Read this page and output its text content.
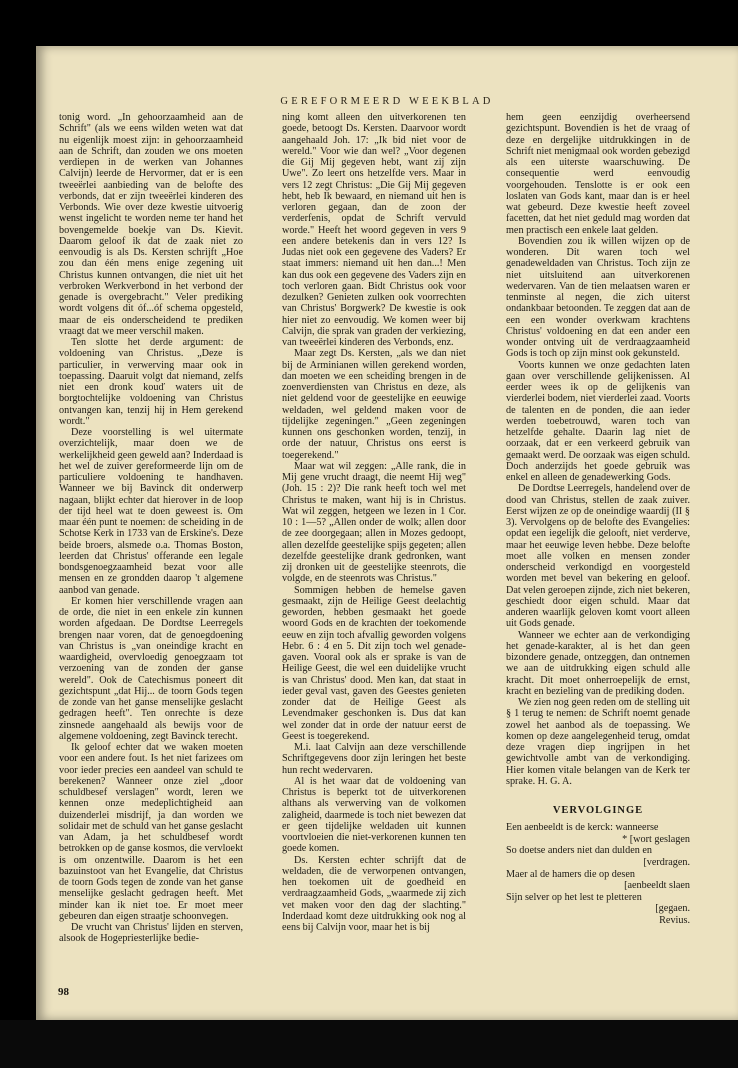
GEREFORMEERD WEEKBLAD

tonig word. „In gehoorzaamheid aan de Schrift" (als we eens wilden weten wat dat nu eigenlijk moest zijn: in gehoorzaamheid aan de Schrift, dan zouden we ons moeten verdiepen in de werken van Johannes Calvijn) leerde de Hervormer, dat er is een tweeërlei aanbieding van de belofte des verbonds, dat er zijn tweeërlei kinderen des Verbonds. Wie over deze kwestie uitvoerig wenst ingelicht te worden neme ter hand het bovengemelde boekje van Ds. Kievit. Daarom geloof ik dat de zaak niet zo eenvoudig is als Ds. Kersten schrijft „Hoe zou dan één mens enige zegening uit Christus kunnen ontvangen, die niet uit het verbroken Werkverbond in het verbond der genade is overgebracht." Veler prediking wordt volgens dit óf...óf schema opgesteld, maar de eis onderscheidend te prediken vraagt dat we meer verschil maken.

Ten slotte het derde argument: de voldoening van Christus. „Deze is particulier, in verwerving maar ook in toepassing. Daaruit volgt dat niemand, zelfs niet een dronk kouď waters uit de borgtochtelijke voldoening van Christus ontvangen kan, tenzij hij in Hem gerekend wordt."

Deze voorstelling is wel uitermate overzichtelijk, maar doen we de werkelijkheid geen geweld aan? Inderdaad is het wel de zuiver gereformeerde lijn om de particuliere voldoening te handhaven. Wanneer we bij Bavinck dit onderwerp nagaan, blijkt echter dat hierover in de loop der tijd heel wat te doen geweest is. Om maar één punt te noemen: de scheiding in de Schotse Kerk in 1733 van de Erskine's. Deze beide broers, alsmede o.a. Thomas Boston, leerden dat Christus' offerande een legale bondsgenoegzaamheid bezat voor alle mensen en ze grondden daarop 't algemene aanbod van genade.

Er komen hier verschillende vragen aan de orde, die niet in een enkele zin kunnen worden afgedaan. De Dordtse Leerregels brengen naar voren, dat de genoegdoening van Christus is „van oneindige kracht en waardigheid, overvloedig genoegzaam tot verzoening van de zonden der ganse wereld". Ook de Catechismus poneert dit gezichtspunt „dat Hij... de toorn Gods tegen de zonde van het ganse menselijke geslacht gedragen heeft". Ten onrechte is deze zinsnede aangehaald als bewijs voor de algemene voldoening, zegt Bavinck terecht.

Ik geloof echter dat we waken moeten voor een andere fout. Is het niet farizees om voor ieder precies een aandeel van schuld te berekenen? Wanneer onze ziel „door schuldbesef verslagen" wordt, leren we kennen onze medeplichtigheid aan duizenderlei misdrijf, ja dan worden we solidair met de schuld van het ganse geslacht van Adam, ja het schuldbesef wordt betrokken op de ganse kosmos, die vervloekt is om onzentwille. Daarom is het een bazuinstoot van het Evangelie, dat Christus de toorn Gods tegen de zonde van het ganse menselijke geslacht gedragen heeft. Met minder kan ik niet toe. Er moet meer gebeuren dan eigen straatje schoonvegen.

De vrucht van Christus' lijden en sterven, alsook de Hogepriesterlijke bedie-

ning komt alleen den uitverkorenen ten goede, betoogt Ds. Kersten. Daarvoor wordt aangehaald Joh. 17: „Ik bid niet voor de wereld." Voor wie dan wel? „Voor degenen die Gij Mij gegeven hebt, want zij zijn Uwe". Zo leert ons hetzelfde vers. Maar in vers 12 zegt Christus: „Die Gij Mij gegeven hebt, heb Ik bewaard, en niemand uit hen is verloren gegaan, dan de zoon der verderfenis, opdat de Schrift vervuld worde." Heeft het woord gegeven in vers 9 een andere betekenis dan in vers 12? Is Judas niet ook een gegevene des Vaders? Er staat immers: niemand uit hen dan...! Men kan dus ook een gegevene des Vaders zijn en toch verloren gaan. Bidt Christus ook voor dezulken? Genieten zulken ook voorrechten van Christus' Borgwerk? De kwestie is ook hier niet zo eenvoudig. We komen weer bij Calvijn, die sprak van graden der verkiezing, van tweeërlei kinderen des Verbonds, enz.

Maar zegt Ds. Kersten, „als we dan niet bij de Arminianen willen gerekend worden, dan moeten we een scheiding brengen in de zoenverdiensten van Christus en deze, als niet geldend voor de geestelijke en eeuwige weldaden, wel geldend maken voor de tijdelijke zegeningen." „Geen zegeningen kunnen ons geschonken worden, tenzij, in orde der natuur, Christus ons eerst is toegerekend."

Maar wat wil zeggen: „Alle rank, die in Mij gene vrucht draagt, die neemt Hij weg" (Joh. 15 : 2)? Die rank heeft toch wel met Christus te maken, want hij is in Christus. Wat wil zeggen, hetgeen we lezen in 1 Cor. 10 : 1—5? „Allen onder de wolk; allen door de zee doorgegaan; allen in Mozes gedoopt, allen dezelfde geestelijke spijs gegeten; allen dezelfde geestelijke drank gedronken, want zij dronken uit de geestelijke steenrots, die volgde, en de steenrots was Christus."

Sommigen hebben de hemelse gaven gesmaakt, zijn de Heilige Geest deelachtig geworden, hebben gesmaakt het goede woord Gods en de krachten der toekomende eeuw en zijn toch afvallig geworden volgens Hebr. 6 : 4 en 5. Dit zijn toch wel genade-gaven. Vooral ook als er sprake is van de Heilige Geest, die wel een duidelijke vrucht is van Christus' dood. Men kan, dat staat in ieder geval vast, gaven des Geestes genieten zonder dat de Heilige Geest als Levendmaker geschonken is. Dus dat kan wel zonder dat in orde der natuur eerst de Geest is toegerekend.

M.i. laat Calvijn aan deze verschillende Schriftgegevens door zijn leringen het beste hun recht wedervaren.

Al is het waar dat de voldoening van Christus is beperkt tot de uitverkorenen althans als verwerving van de volkomen zaligheid, daarmede is toch niet bewezen dat er geen tijdelijke weldaden uit kunnen voortvloeien die niet-verkorenen kunnen ten goede komen.

Ds. Kersten echter schrijft dat de weldaden, die de verworpenen ontvangen, hen toekomen uit de goedheid en verdraagzaamheid Gods, „waarmede zij zich vet maken voor den dag der slachting." Inderdaad komt deze uitdrukking ook nog al eens bij Calvijn voor, maar het is bij

hem geen eenzijdig overheersend gezichtspunt. Bovendien is het de vraag of deze en dergelijke uitdrukkingen in de Schrift niet menigmaal ook worden gebezigd als een uiterste waarschuwing. De consequentie werd eenvoudig voorgehouden. Tenslotte is er ook een loslaten van Gods kant, maar dan is er heel wat gebeurd. Deze kwestie heeft zoveel facetten, dat het niet geduld mag worden dat men practisch een enkele laat gelden.

Bovendien zou ik willen wijzen op de wonderen. Dit waren toch wel genadeweldaden van Christus. Toch zijn ze niet uitsluitend aan uitverkorenen wedervaren. Van de tien melaatsen waren er tenminste al negen, die zich uiterst ondankbaar betoonden. Te zeggen dat aan de een een wonder overkwam krachtens Christus' voldoening en dat een ander een wonder ontving uit de verdraagzaamheid Gods is toch op zijn minst ook gekunsteld.

Voorts kunnen we onze gedachten laten gaan over verschillende gelijkenissen. Al eerder wees ik op de gelijkenis van vierderlei bodem, niet vierderlei zaad. Voorts de talenten en de ponden, die aan ieder werden toebetrouwd, waren toch van hetzelfde gehalte. Daarin lag niet de oorzaak, dat er een verkeerd gebruik van gemaakt werd. De oorzaak was eigen schuld. Doch anderzijds het goede gebruik was enkel en alleen de genadewerking Gods.

De Dordtse Leerregels, handelend over de dood van Christus, stellen de zaak zuiver. Eerst wijzen ze op de oneindige waardij (II § 3). Vervolgens op de belofte des Evangelies: opdat een iegelijk die gelooft, niet verderve, maar het eeuwige leven hebbe. Deze belofte moet alle volken en mensen zonder onderscheid verkondigd en voorgesteld worden met bevel van bekering en geloof. Dat velen geroepen zijnde, zich niet bekeren, geschiedt door eigen schuld. Maar dat anderen waarlijk geloven komt voort alleen uit Gods genade.

Wanneer we echter aan de verkondiging het genade-karakter, al is het dan geen bizondere genade, ontzeggen, dan ontnemen we aan de uitdrukking eigen schuld alle kracht. Dit moet onherroepelijk de ernst, kracht en bezieling van de prediking doden.

We zien nog geen reden om de stelling uit § 1 terug te nemen: de Schrift noemt genade zowel het aanbod als de toepassing. We komen op deze aangelegenheid terug, omdat deze vragen diep ingrijpen in het gewichtvolle ambt van de verkondiging. Hier komen vitale belangen van de Kerk ter sprake. H. G. A.

VERVOLGINGE
Een aenbeeldt is de kerck: wanneerse
* [wort geslagen
So doetse anders niet dan dulden en
[verdragen.
Maer al de hamers die op desen
[aenbeeldt slaen
Sijn selver op het lest te pletteren
[gegaen.
Revius.
98
